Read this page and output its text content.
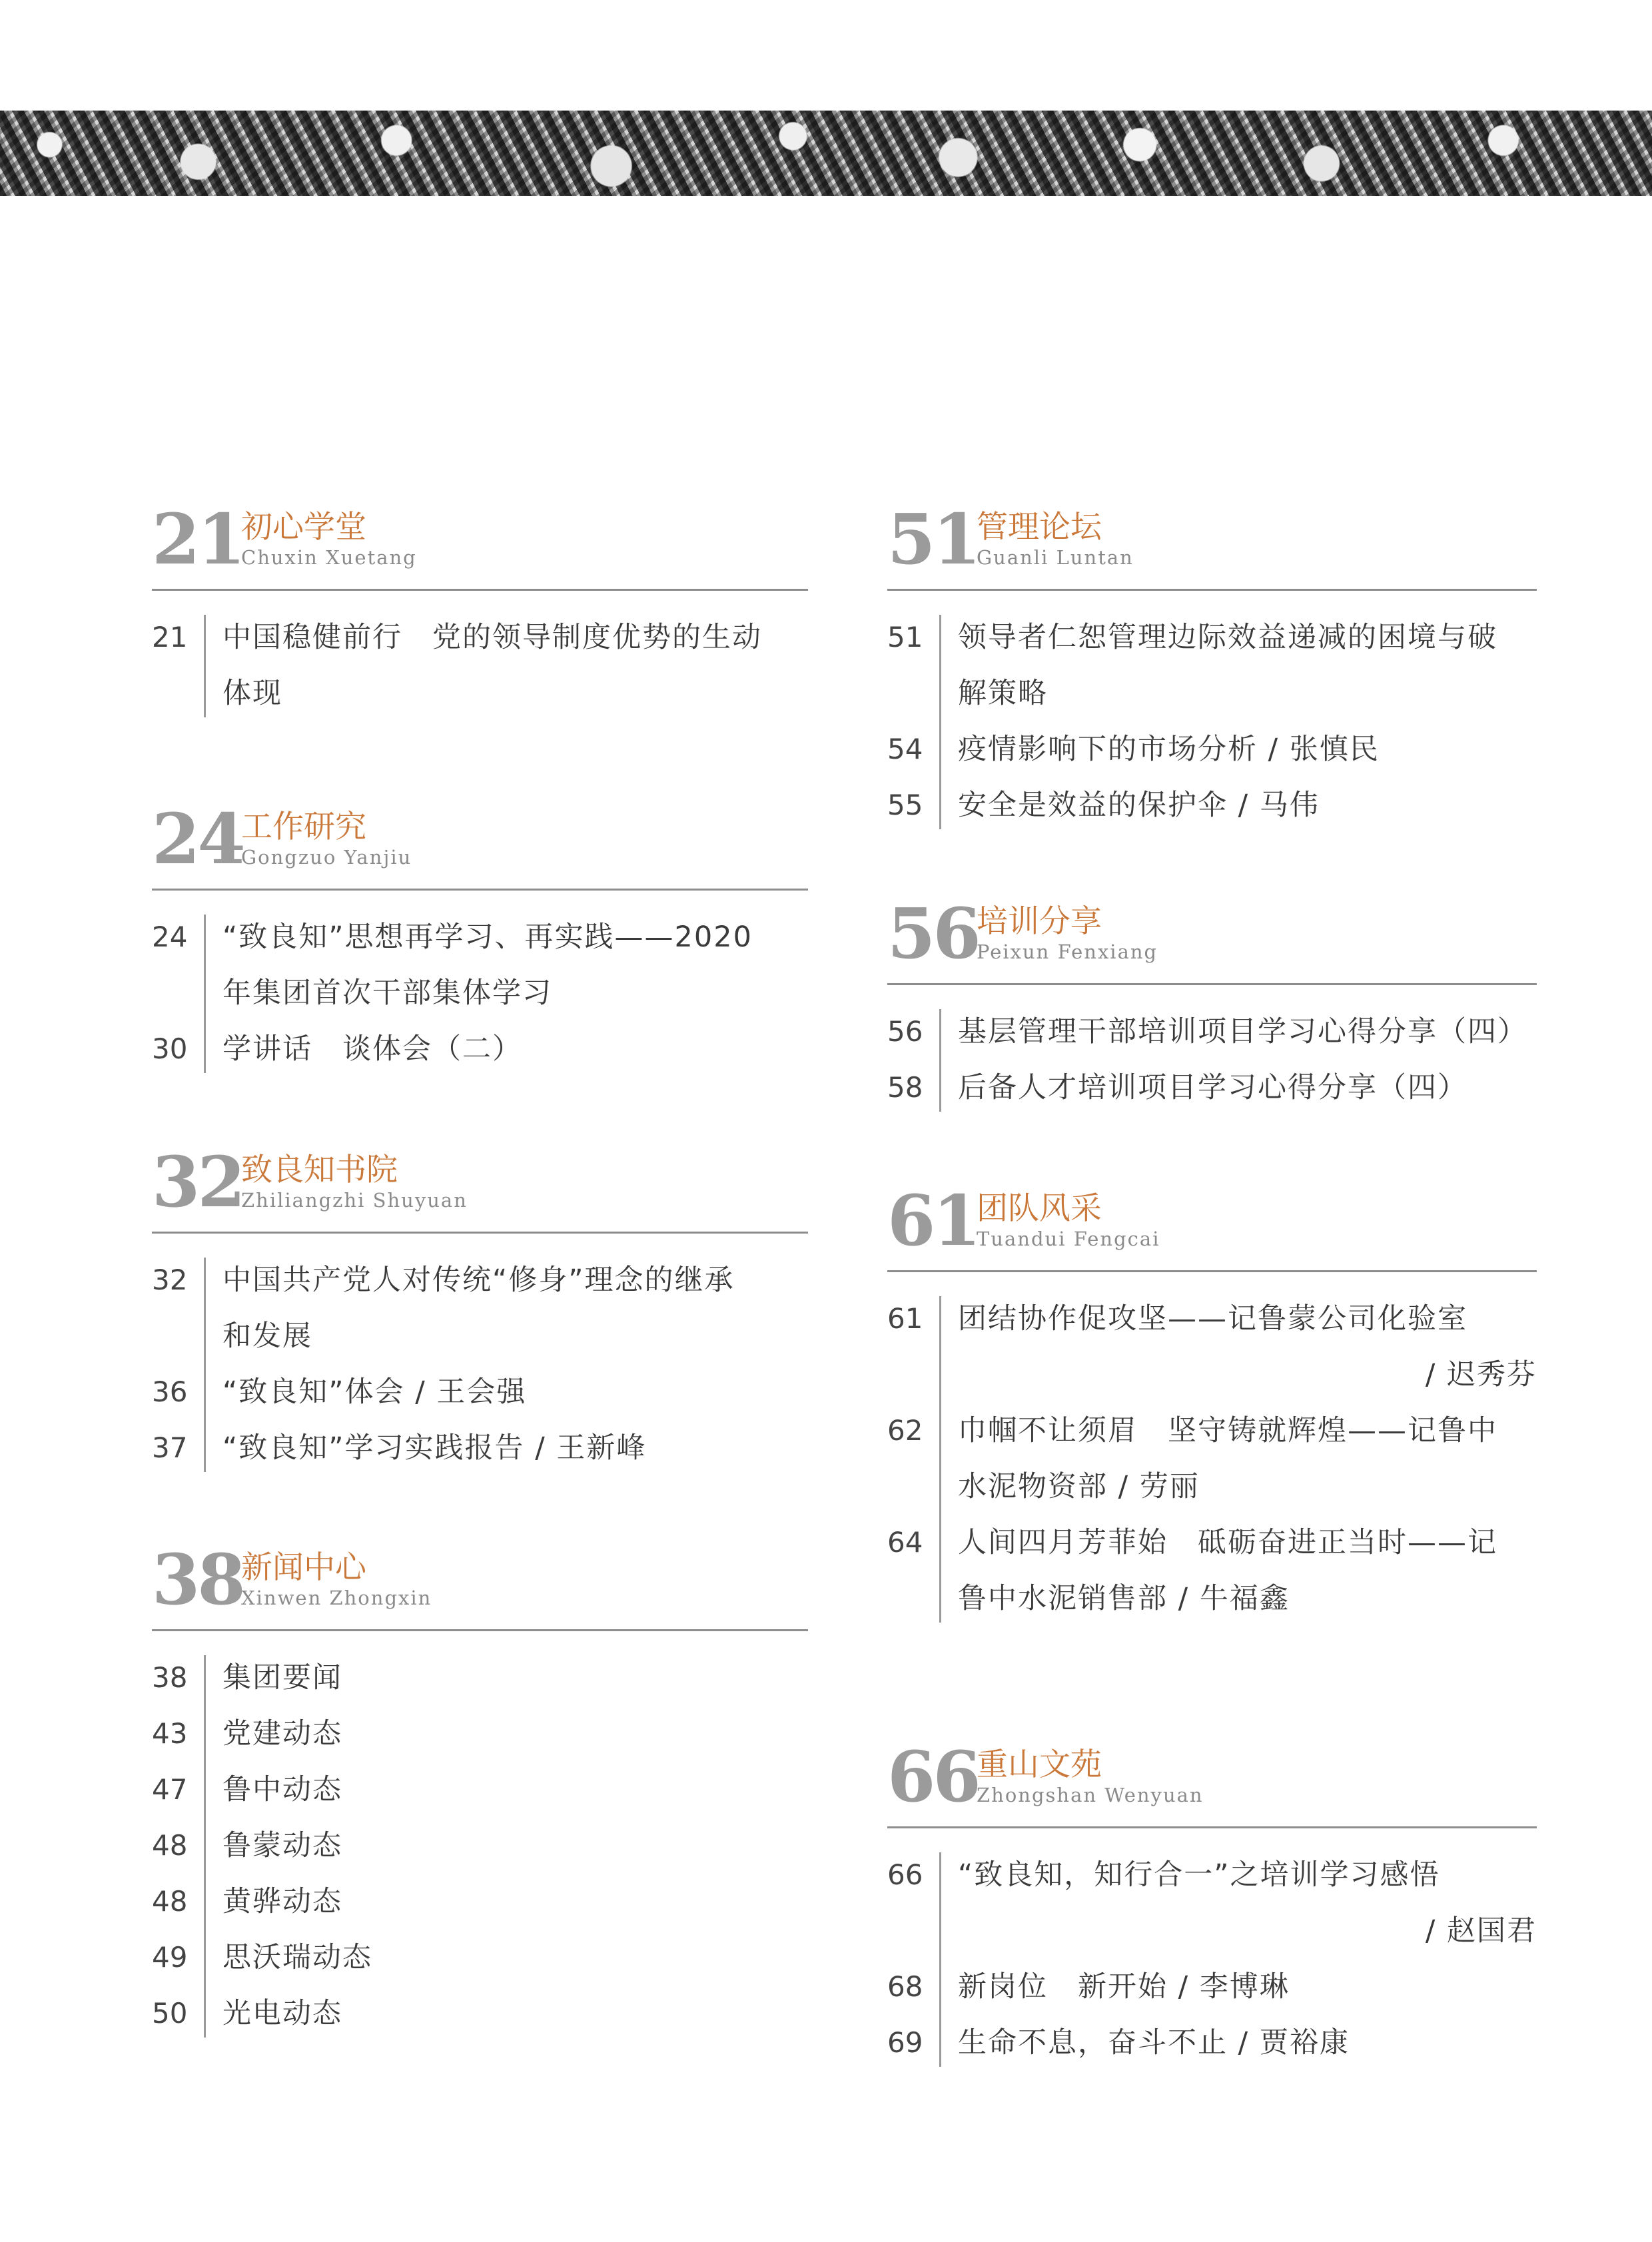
21
初心学堂
Chuxin Xuetang
21 中国稳健前行　党的领导制度优势的生动
体现
24
工作研究
Gongzuo Yanjiu
24 “致良知”思想再学习、再实践——2020
年集团首次干部集体学习
30 学讲话　谈体会（二）
32
致良知书院
Zhiliangzhi Shuyuan
32 中国共产党人对传统“修身”理念的继承
和发展
36 “致良知”体会 / 王会强
37 “致良知”学习实践报告 / 王新峰
38
新闻中心
Xinwen Zhongxin
38 集团要闻
43 党建动态
47 鲁中动态
48 鲁蒙动态
48 黄骅动态
49 思沃瑞动态
50 光电动态
51
管理论坛
Guanli Luntan
51 领导者仁恕管理边际效益递减的困境与破
解策略
54 疫情影响下的市场分析 / 张慎民
55 安全是效益的保护伞 / 马伟
56
培训分享
Peixun Fenxiang
56 基层管理干部培训项目学习心得分享（四）
58 后备人才培训项目学习心得分享（四）
61
团队风采
Tuandui Fengcai
61 团结协作促攻坚——记鲁蒙公司化验室
/ 迟秀芬
62 巾帼不让须眉　坚守铸就辉煌——记鲁中
水泥物资部 / 劳丽
64 人间四月芳菲始　砥砺奋进正当时——记
鲁中水泥销售部 / 牛福鑫
66
重山文苑
Zhongshan Wenyuan
66 “致良知，知行合一”之培训学习感悟
/ 赵国君
68 新岗位　新开始 / 李博琳
69 生命不息，奋斗不止 / 贾裕康
